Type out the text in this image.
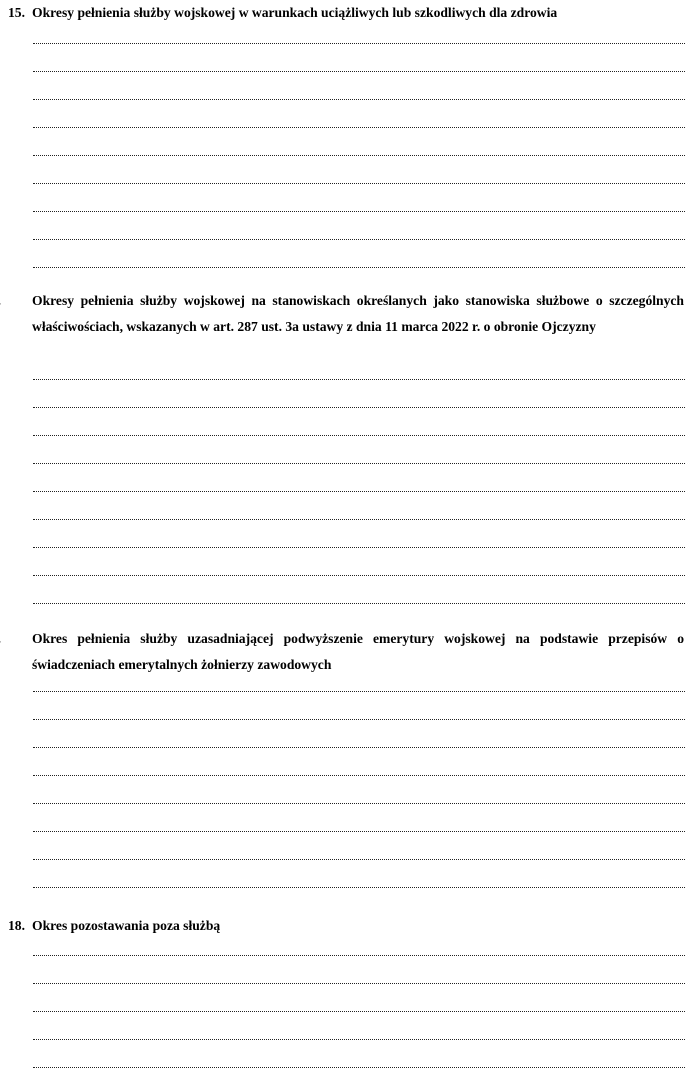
15. Okresy pełnienia służby wojskowej w warunkach uciążliwych lub szkodliwych dla zdrowia
Okresy pełnienia służby wojskowej na stanowiskach określanych jako stanowiska służbowe o szczególnych właściwościach, wskazanych w art. 287 ust. 3a ustawy z dnia 11 marca 2022 r. o obronie Ojczyzny
Okres pełnienia służby uzasadniającej podwyższenie emerytury wojskowej na podstawie przepisów o świadczeniach emerytalnych żołnierzy zawodowych
18. Okres pozostawania poza służbą
